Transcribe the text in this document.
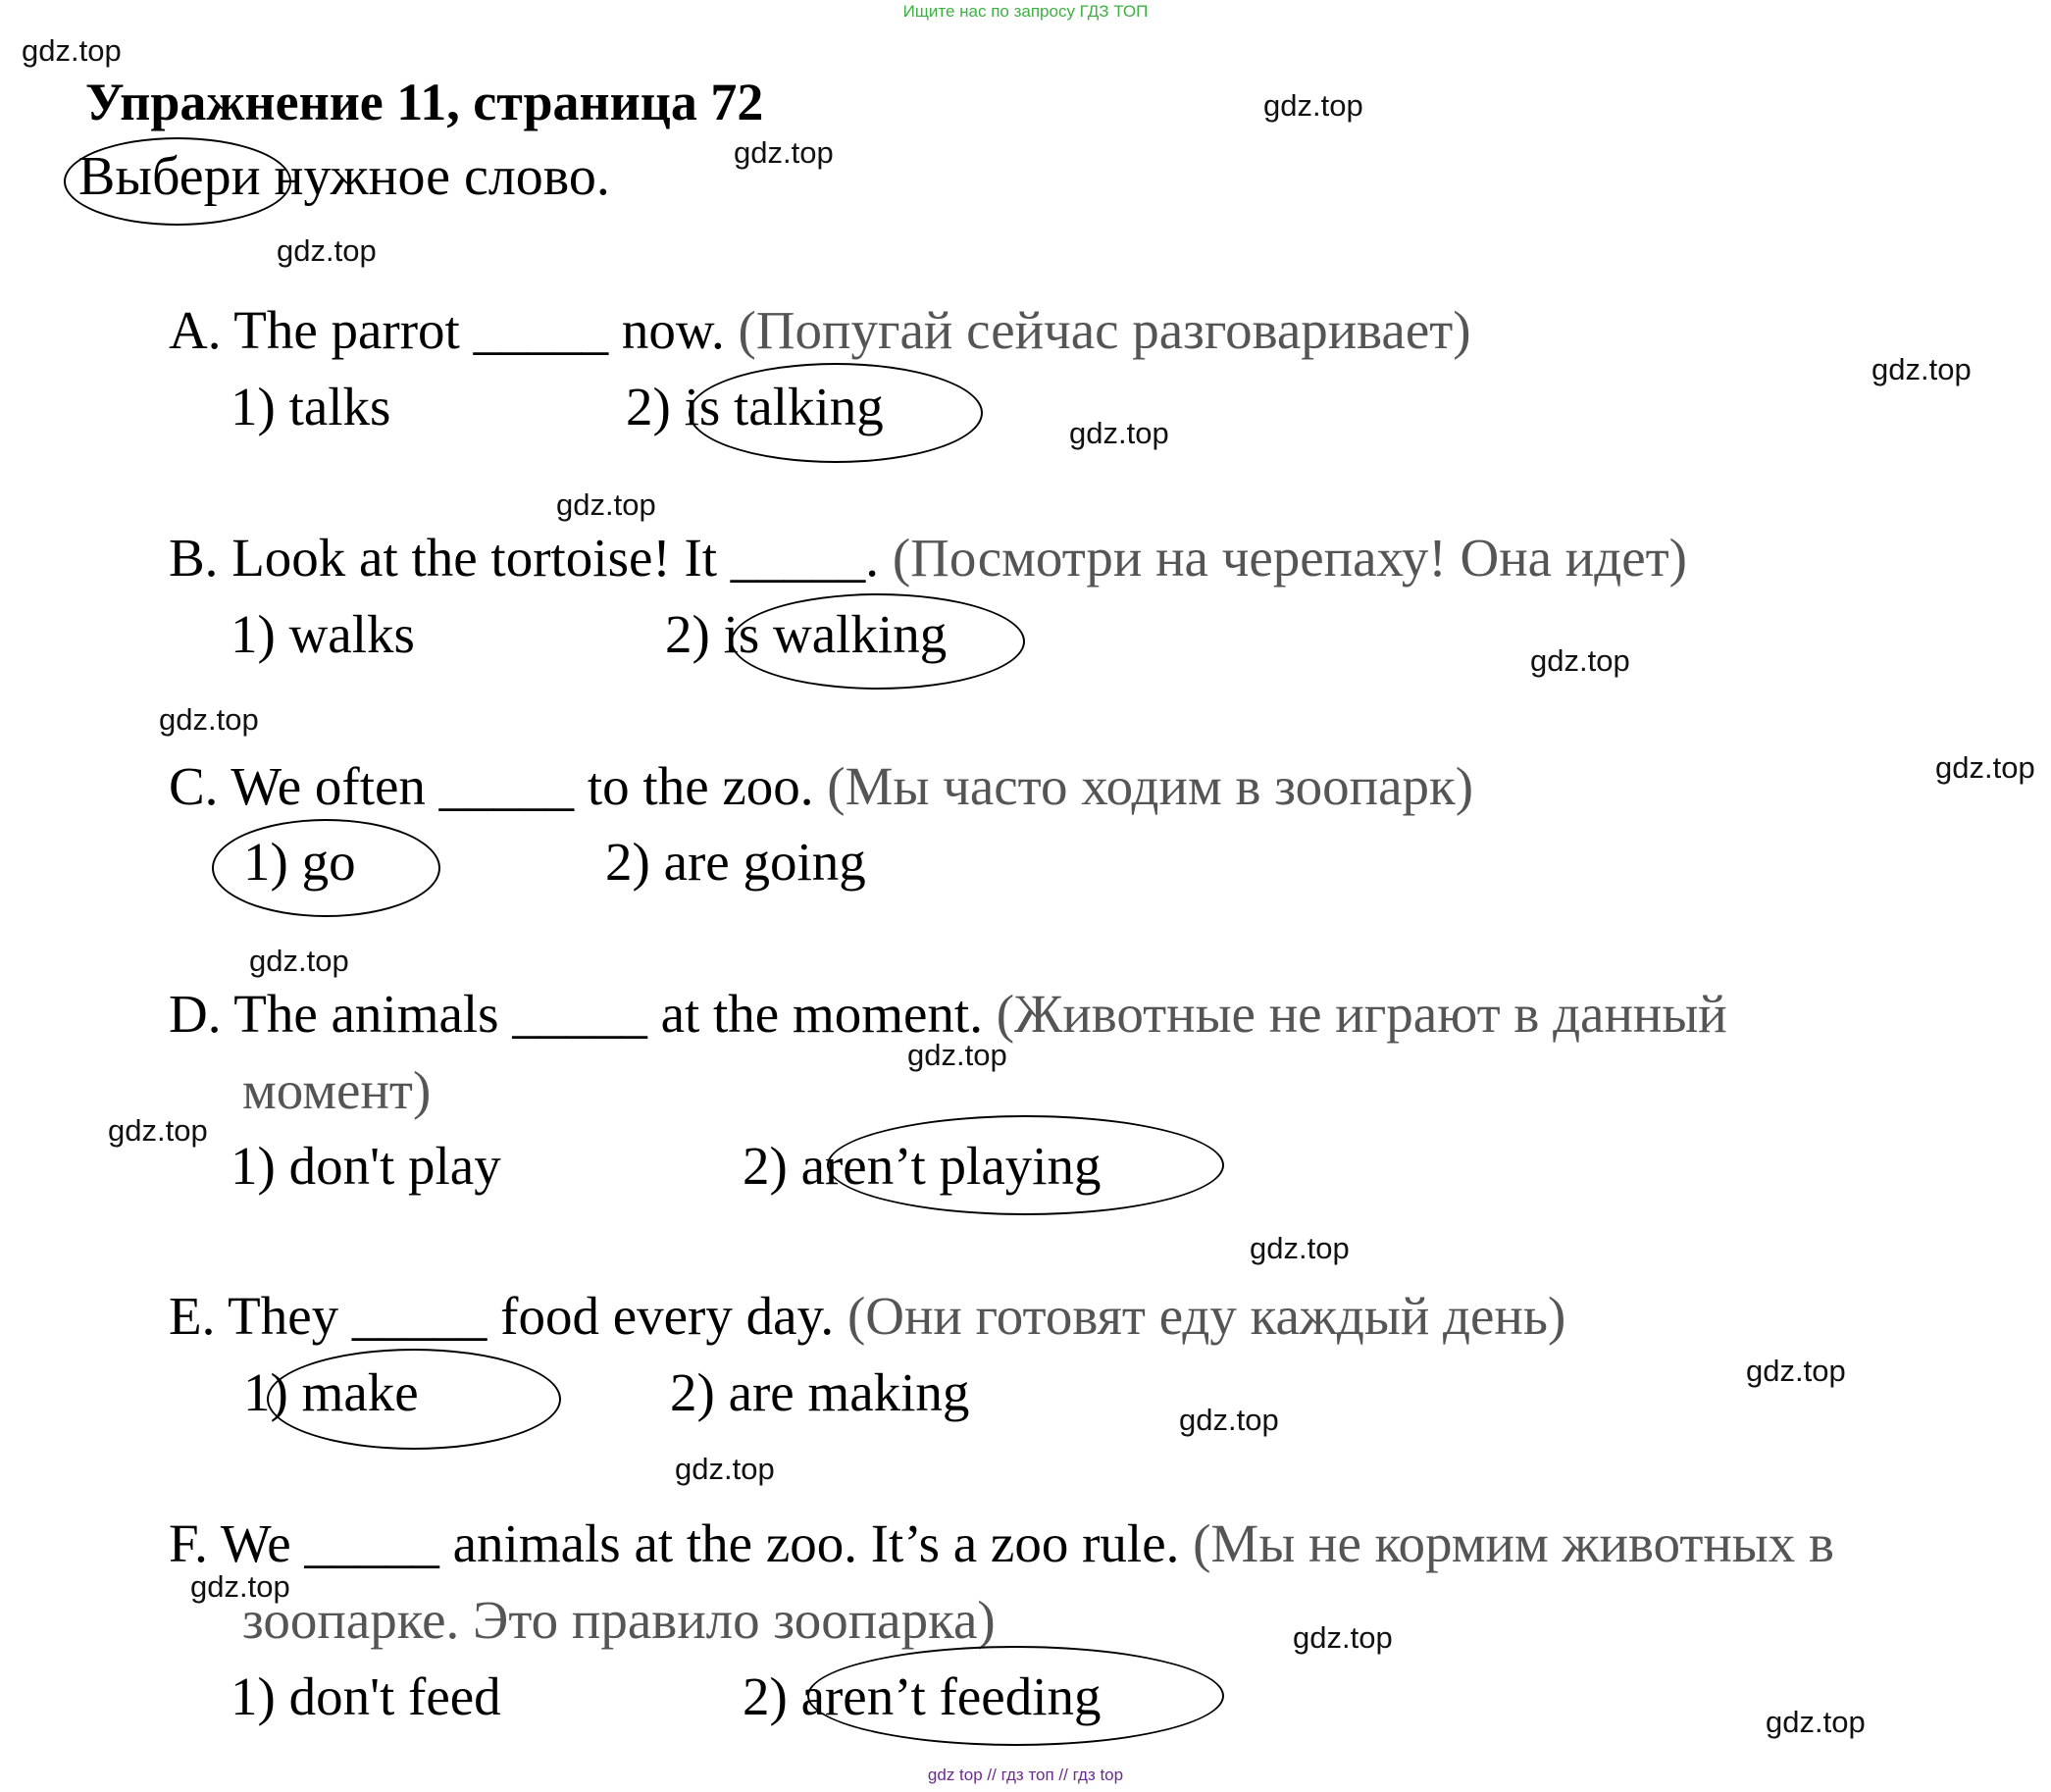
Ищите нас по запросу ГДЗ ТОП
gdz.top
gdz.top
gdz.top
gdz.top
gdz.top
gdz.top
gdz.top
gdz.top
gdz.top
gdz.top
gdz.top
gdz.top
gdz.top
gdz.top
gdz.top
gdz.top
gdz.top
gdz.top
gdz.top
gdz.top
Упражнение 11, страница 72
Выбери нужное слово.
A. The parrot _____ now. (Попугай сейчас разговаривает)
1) talks	2) is talking
B. Look at the tortoise! It _____. (Посмотри на черепаху! Она идет)
1) walks	2) is walking
C. We often _____ to the zoo. (Мы часто ходим в зоопарк)
1) go	2) are going
D. The animals _____ at the moment. (Животные не играют в данный
момент)
1) don't play	2) aren’t playing
E. They _____ food every day. (Они готовят еду каждый день)
1) make	2) are making
F. We _____ animals at the zoo. It’s a zoo rule. (Мы не кормим животных в
зоопарке. Это правило зоопарка)
1) don't feed	2) aren’t feeding
gdz top // гдз топ // гдз top
